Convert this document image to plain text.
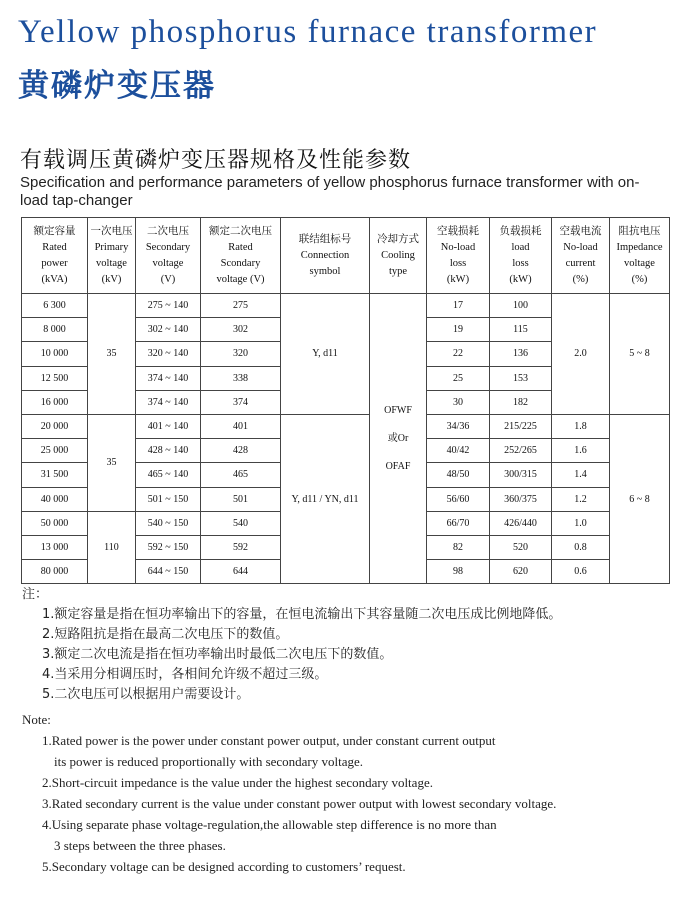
Yellow phosphorus furnace transformer
黄磷炉变压器
有载调压黄磷炉变压器规格及性能参数
Specification and performance parameters of yellow phosphorus furnace transformer with on-load tap-changer
额定容量
Rated
power
(kVA)	一次电压
Primary
voltage
(kV)	二次电压
Secondary
voltage
(V)	额定二次电压
Rated
Scondary
voltage (V)	联结组标号
Connection
symbol	冷却方式
Cooling
type	空载损耗
No-load
loss
(kW)	负载损耗
load
loss
(kW)	空载电流
No-load
current
(%)	阻抗电压
Impedance
voltage
(%)
6 300	35	275 ~ 140	275	Y, d11	OFWF

或Or

OFAF	17	100	2.0	5 ~ 8
8 000		302 ~ 140	302			19	115		
10 000		320 ~ 140	320			22	136		
12 500		374 ~ 140	338			25	153		
16 000		374 ~ 140	374			30	182		
20 000	35	401 ~ 140	401	Y, d11 / YN, d11		34/36	215/225	1.8	6 ~ 8
25 000		428 ~ 140	428			40/42	252/265	1.6	
31 500		465 ~ 140	465			48/50	300/315	1.4	
40 000		501 ~ 150	501			56/60	360/375	1.2	
50 000	110	540 ~ 150	540			66/70	426/440	1.0	
13 000		592 ~ 150	592			82	520	0.8	
80 000		644 ~ 150	644			98	620	0.6	
注：
1.额定容量是指在恒功率输出下的容量，在恒电流输出下其容量随二次电压成比例地降低。
2.短路阻抗是指在最高二次电压下的数值。
3.额定二次电流是指在恒功率输出时最低二次电压下的数值。
4.当采用分相调压时，各相间允许级不超过三级。
5.二次电压可以根据用户需要设计。
Note:
1.Rated power is the power under constant power output, under constant current output
its power is reduced proportionally with secondary voltage.
2.Short-circuit impedance is the value under the highest secondary voltage.
3.Rated secondary current is the value under constant power output with lowest secondary voltage.
4.Using separate phase voltage-regulation,the allowable step difference is no more than
3 steps between the three phases.
5.Secondary voltage can be designed according to customers’ request.
